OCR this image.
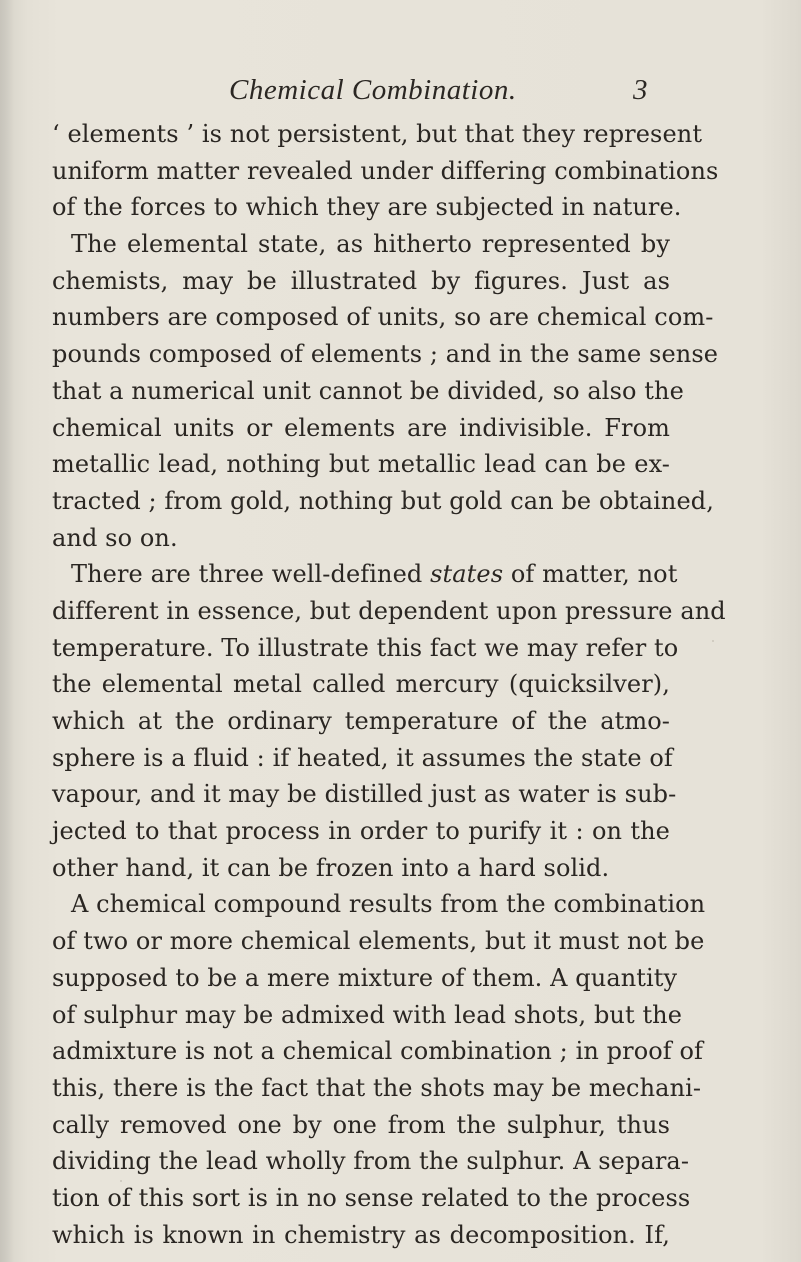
Chemical Combination.	3
‘ elements ’ is not persistent, but that they represent
uniform matter revealed under differing combinations
of the forces to which they are subjected in nature.
The elemental state, as hitherto represented by
chemists, may be illustrated by figures. Just as
numbers are composed of units, so are chemical com-
pounds composed of elements ; and in the same sense
that a numerical unit cannot be divided, so also the
chemical units or elements are indivisible. From
metallic lead, nothing but metallic lead can be ex-
tracted ; from gold, nothing but gold can be obtained,
and so on.
There are three well-defined states of matter, not
different in essence, but dependent upon pressure and
temperature. To illustrate this fact we may refer to
the elemental metal called mercury (quicksilver),
which at the ordinary temperature of the atmo-
sphere is a fluid : if heated, it assumes the state of
vapour, and it may be distilled just as water is sub-
jected to that process in order to purify it : on the
other hand, it can be frozen into a hard solid.
A chemical compound results from the combination
of two or more chemical elements, but it must not be
supposed to be a mere mixture of them. A quantity
of sulphur may be admixed with lead shots, but the
admixture is not a chemical combination ; in proof of
this, there is the fact that the shots may be mechani-
cally removed one by one from the sulphur, thus
dividing the lead wholly from the sulphur. A separa-
tion of this sort is in no sense related to the process
which is known in chemistry as decomposition. If,
